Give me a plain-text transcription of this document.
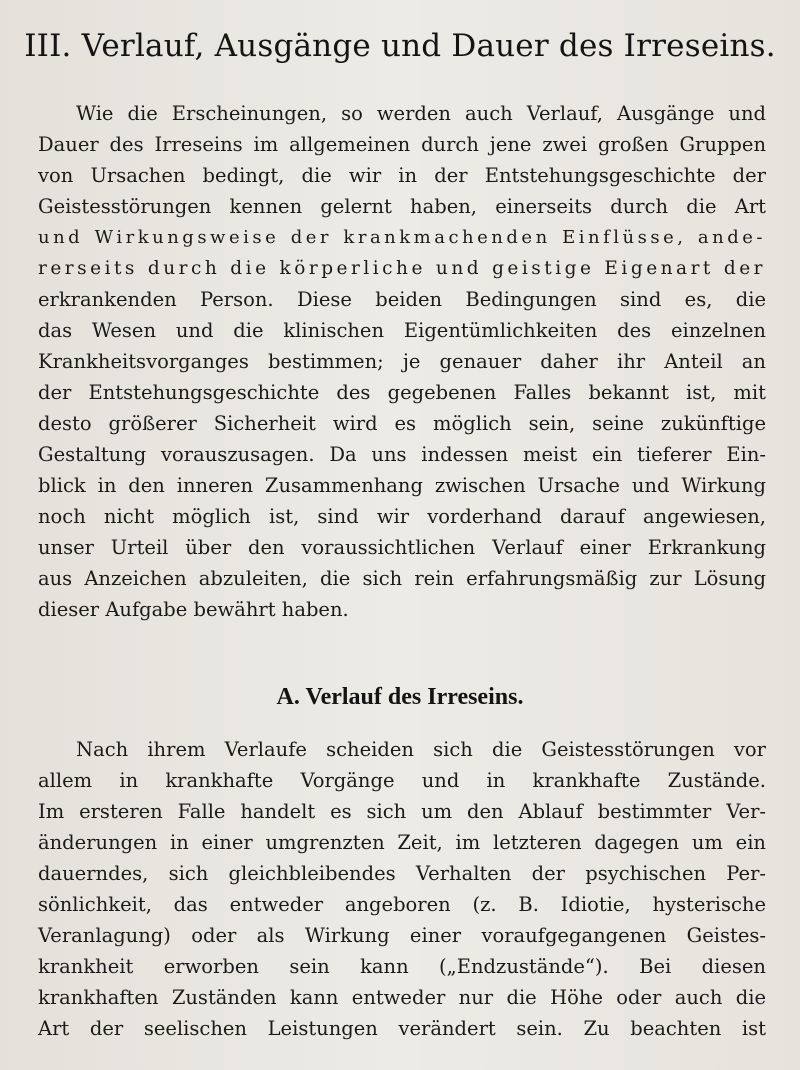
III. Verlauf, Ausgänge und Dauer des Irreseins.
Wie die Erscheinungen, so werden auch Verlauf, Ausgänge und
Dauer des Irreseins im allgemeinen durch jene zwei großen Gruppen
von Ursachen bedingt, die wir in der Entstehungsgeschichte der
Geistesstörungen kennen gelernt haben, einerseits durch die Art
und Wirkungsweise der krankmachenden Einflüsse, ande-
rerseits durch die körperliche und geistige Eigenart der
erkrankenden Person. Diese beiden Bedingungen sind es, die
das Wesen und die klinischen Eigentümlichkeiten des einzelnen
Krankheitsvorganges bestimmen; je genauer daher ihr Anteil an
der Entstehungsgeschichte des gegebenen Falles bekannt ist, mit
desto größerer Sicherheit wird es möglich sein, seine zukünftige
Gestaltung vorauszusagen. Da uns indessen meist ein tieferer Ein-
blick in den inneren Zusammenhang zwischen Ursache und Wirkung
noch nicht möglich ist, sind wir vorderhand darauf angewiesen,
unser Urteil über den voraussichtlichen Verlauf einer Erkrankung
aus Anzeichen abzuleiten, die sich rein erfahrungsmäßig zur Lösung
dieser Aufgabe bewährt haben.
A. Verlauf des Irreseins.
Nach ihrem Verlaufe scheiden sich die Geistesstörungen vor
allem in krankhafte Vorgänge und in krankhafte Zustände.
Im ersteren Falle handelt es sich um den Ablauf bestimmter Ver-
änderungen in einer umgrenzten Zeit, im letzteren dagegen um ein
dauerndes, sich gleichbleibendes Verhalten der psychischen Per-
sönlichkeit, das entweder angeboren (z. B. Idiotie, hysterische
Veranlagung) oder als Wirkung einer voraufgegangenen Geistes-
krankheit erworben sein kann („Endzustände“). Bei diesen
krankhaften Zuständen kann entweder nur die Höhe oder auch die
Art der seelischen Leistungen verändert sein. Zu beachten ist
